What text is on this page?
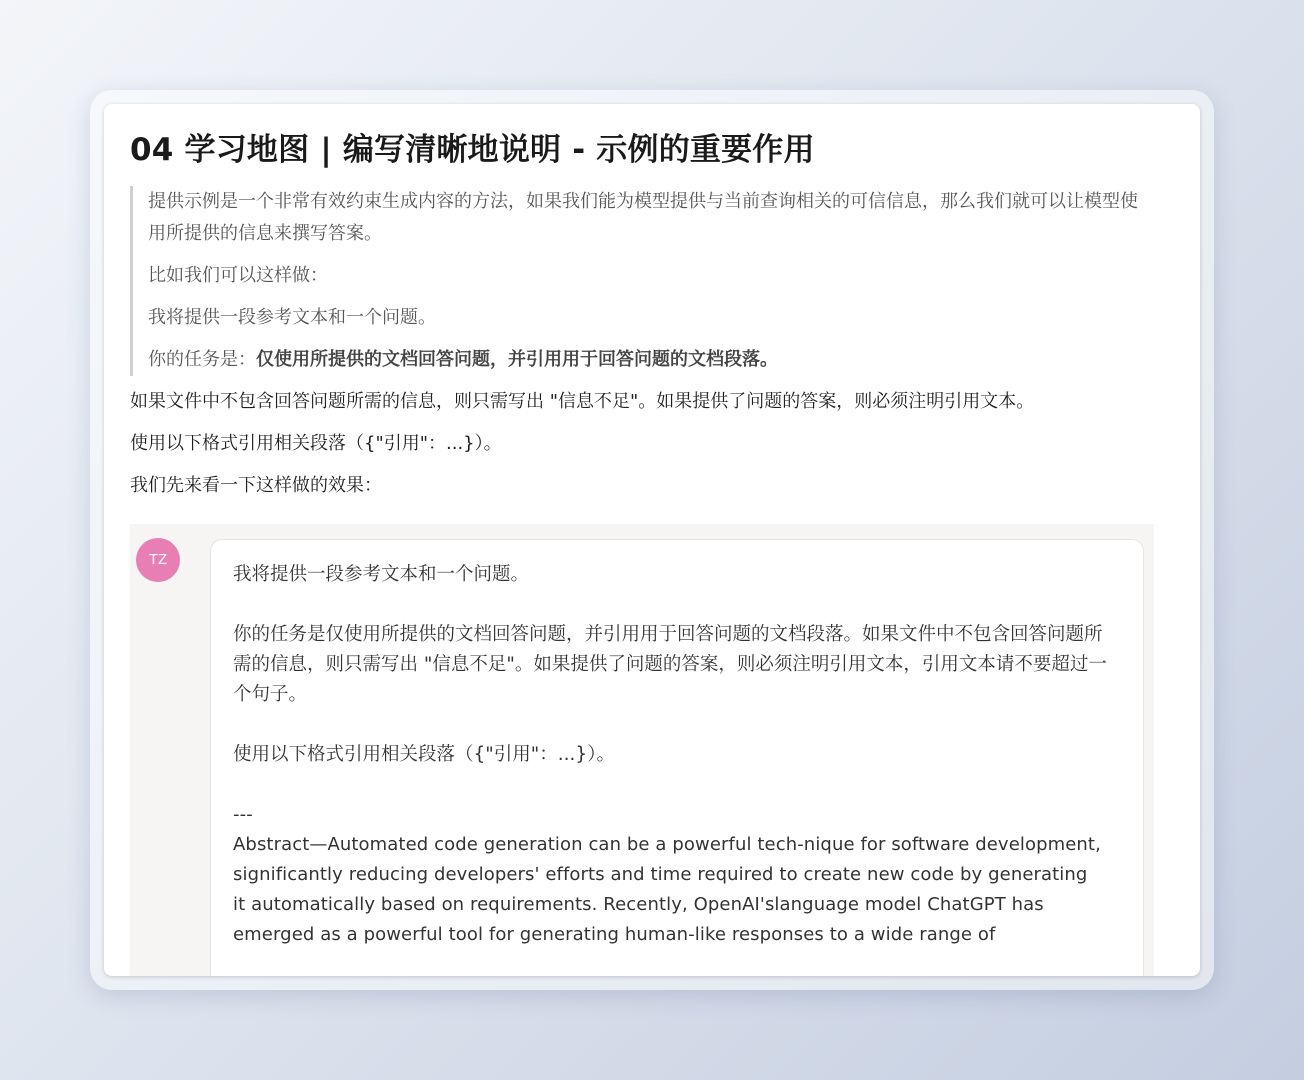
04 学习地图 | 编写清晰地说明 - 示例的重要作用

提供示例是一个非常有效约束生成内容的方法，如果我们能为模型提供与当前查询相关的可信信息，那么我们就可以让模型使用所提供的信息来撰写答案。

比如我们可以这样做：

我将提供一段参考文本和一个问题。

你的任务是：仅使用所提供的文档回答问题，并引用用于回答问题的文档段落。

如果文件中不包含回答问题所需的信息，则只需写出 "信息不足"。如果提供了问题的答案，则必须注明引用文本。

使用以下格式引用相关段落（{"引用"：...}）。

我们先来看一下这样做的效果：

TZ
我将提供一段参考文本和一个问题。
你的任务是仅使用所提供的文档回答问题，并引用用于回答问题的文档段落。如果文件中不包含回答问题所需的信息，则只需写出 "信息不足"。如果提供了问题的答案，则必须注明引用文本，引用文本请不要超过一个句子。
使用以下格式引用相关段落（{"引用"：...}）。
---
Abstract—Automated code generation can be a powerful tech-nique for software development, significantly reducing developers' efforts and time required to create new code by generating
it automatically based on requirements. Recently, OpenAI'slanguage model ChatGPT has emerged as a powerful tool for generating human-like responses to a wide range of
